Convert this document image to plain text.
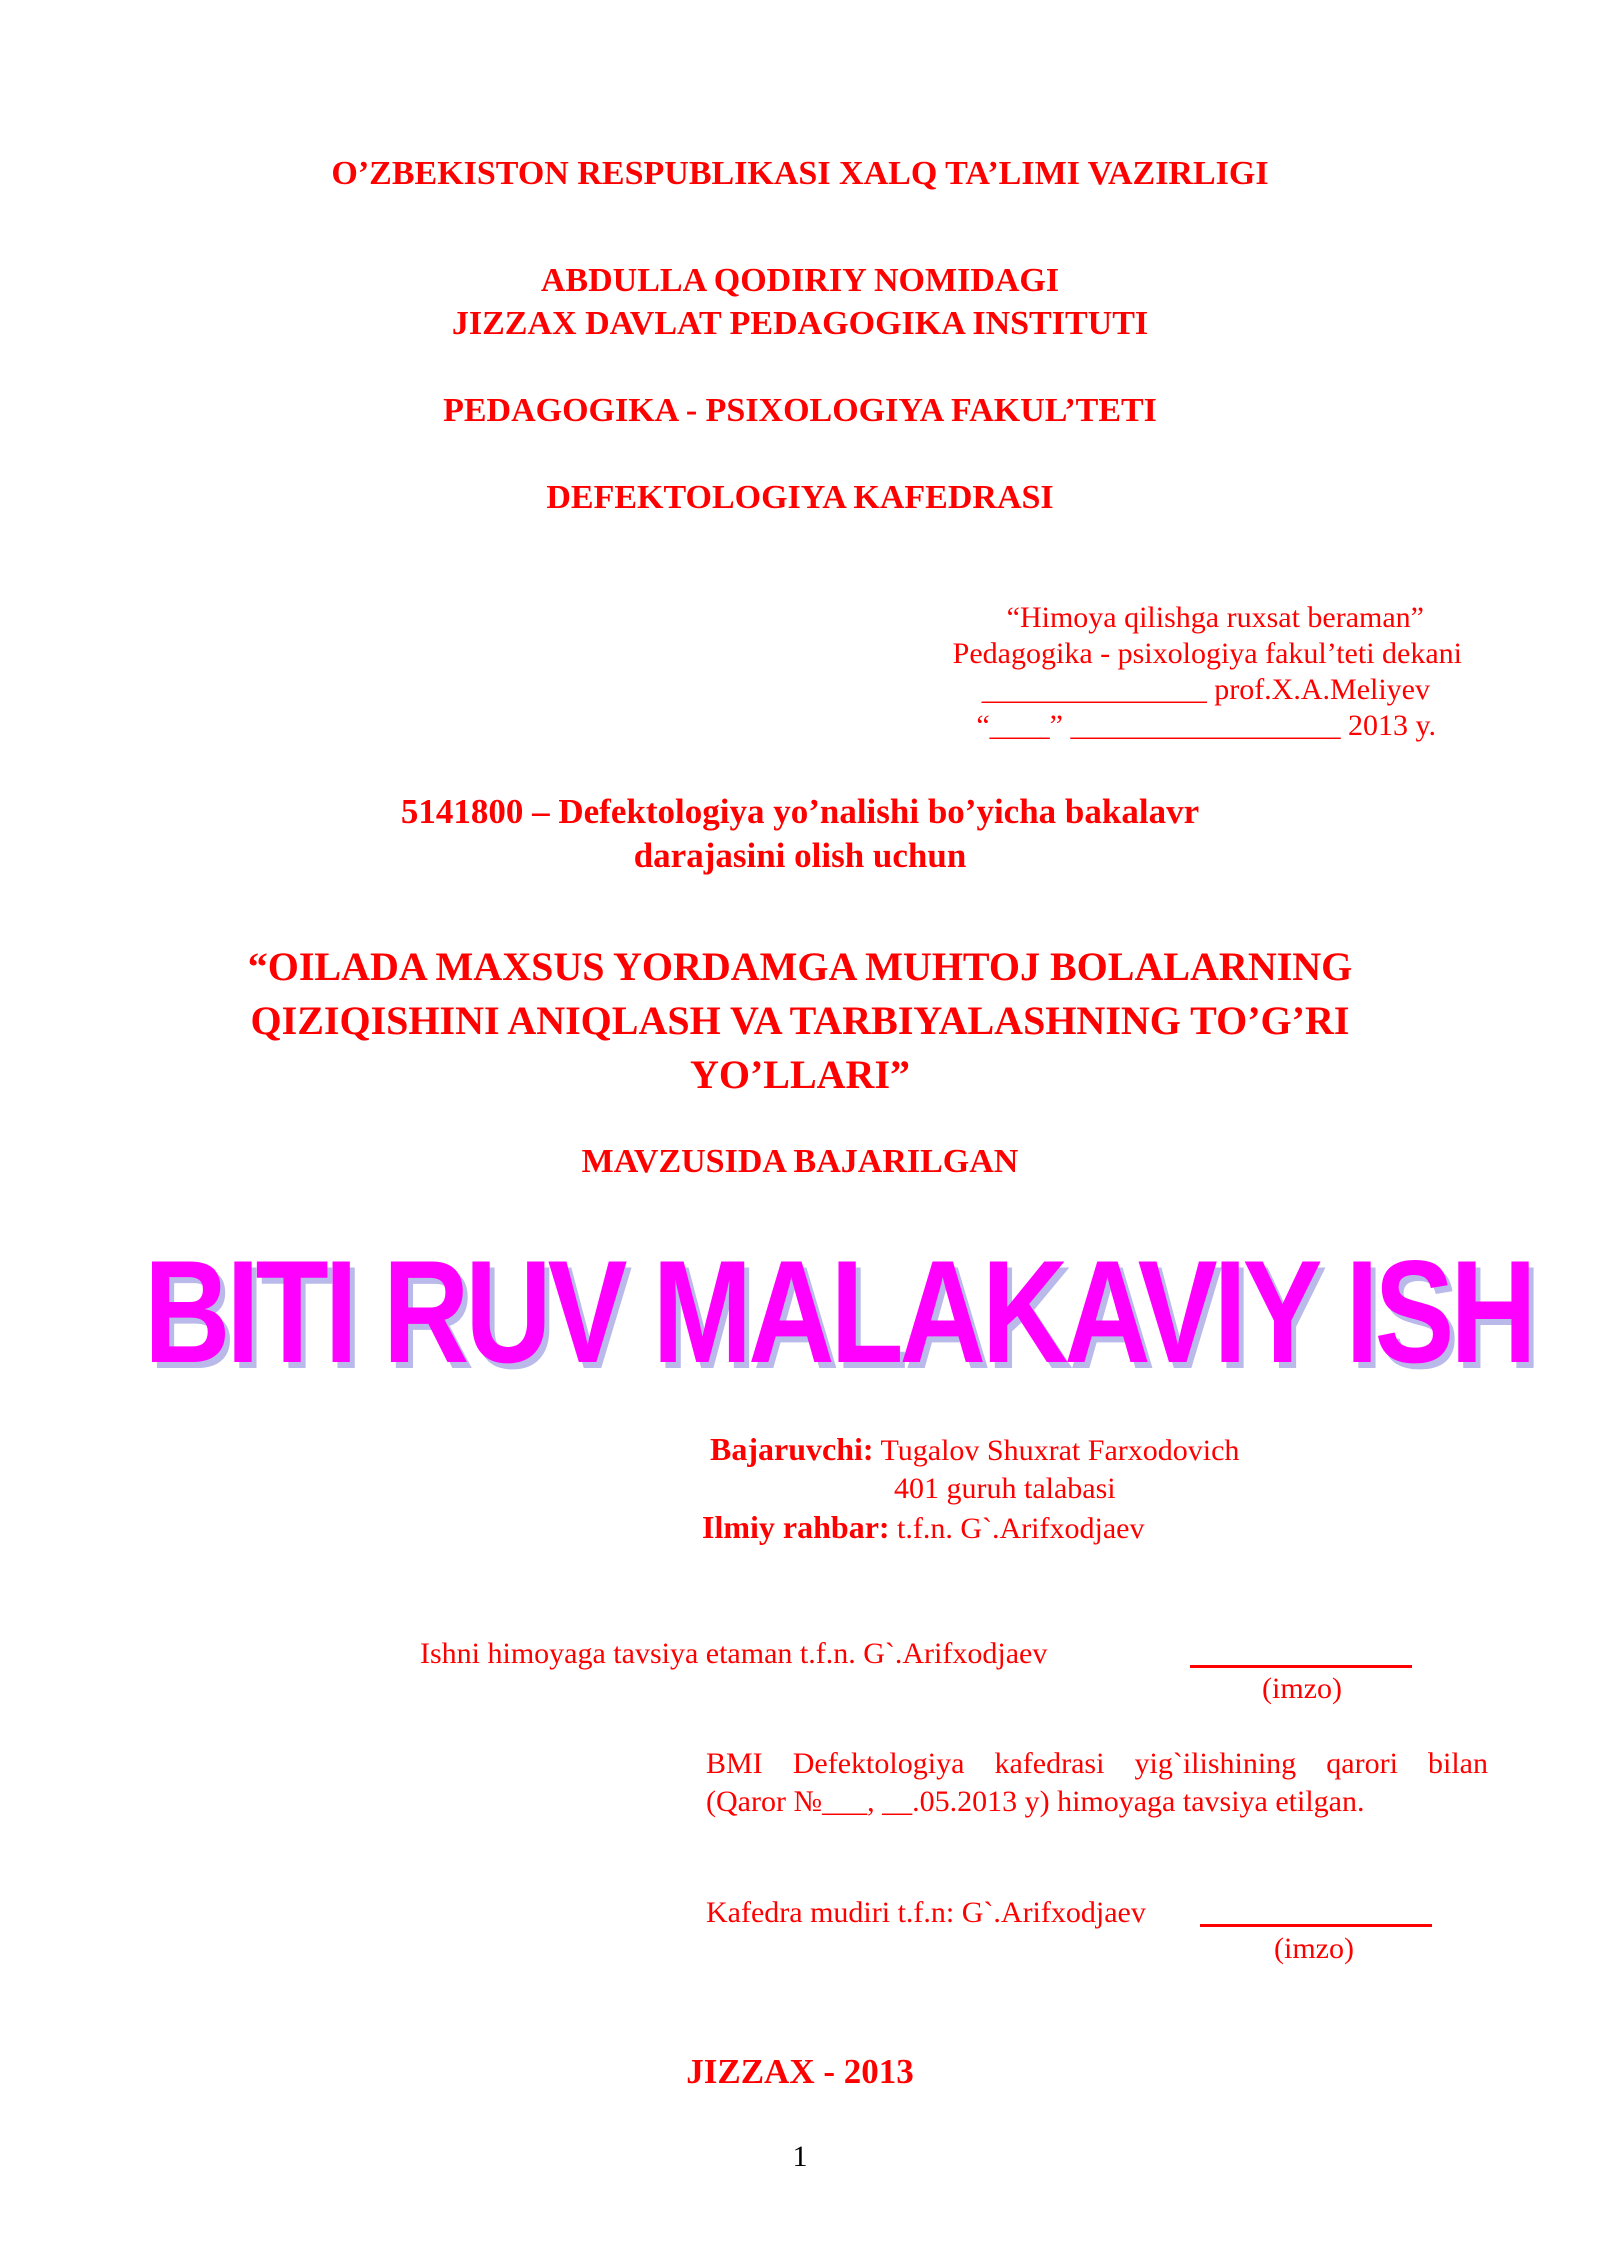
O’ZBEKISTON RESPUBLIKASI XALQ TA’LIMI VAZIRLIGI
ABDULLA QODIRIY NOMIDAGI
JIZZAX DAVLAT PEDAGOGIKA INSTITUTI
PEDAGOGIKA - PSIXOLOGIYA FAKUL’TETI
DEFEKTOLOGIYA KAFEDRASI
“Himoya qilishga ruxsat beraman”
Pedagogika - psixologiya fakul’teti dekani
_______________ prof.X.A.Meliyev
“____” __________________ 2013 y.
5141800 – Defektologiya yo’nalishi bo’yicha bakalavr
darajasini olish uchun
“OILADA MAXSUS YORDAMGA MUHTOJ BOLALARNING
QIZIQISHINI ANIQLASH VA TARBIYALASHNING TO’G’RI
YO’LLARI”
MAVZUSIDA BAJARILGAN
BITI RUV MALAKAVIY ISH
Bajaruvchi: Tugalov Shuxrat Farxodovich
401 guruh talabasi
Ilmiy rahbar: t.f.n. G`.Arifxodjaev
Ishni himoyaga tavsiya etaman t.f.n. G`.Arifxodjaev
(imzo)
BMI Defektologiya kafedrasi yig`ilishining qarori bilan
(Qaror №___, __.05.2013 y) himoyaga tavsiya etilgan.
Kafedra mudiri t.f.n: G`.Arifxodjaev
(imzo)
JIZZAX - 2013
1
